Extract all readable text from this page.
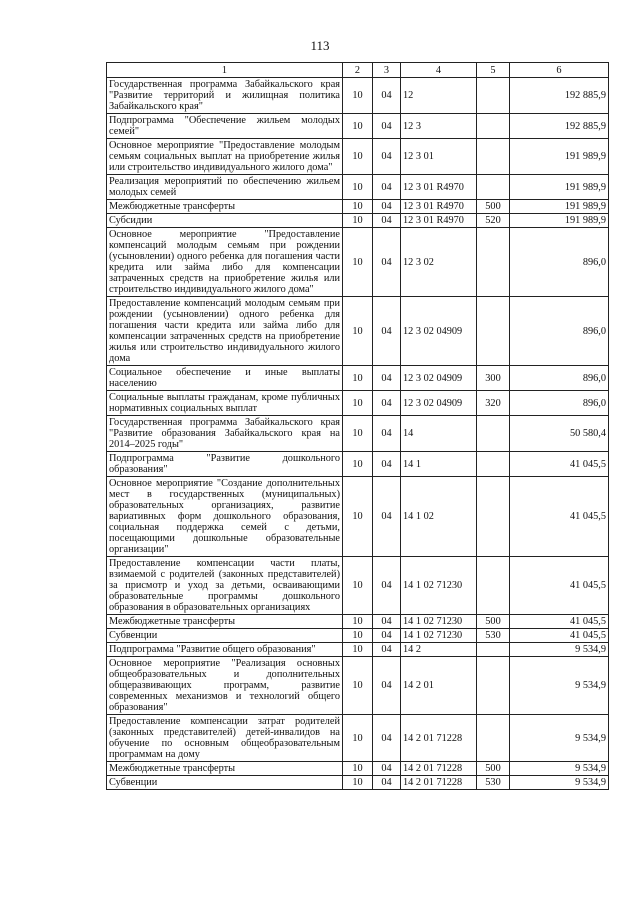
113
1	2	3	4	5	6
Государственная программа Забайкальского края "Развитие территорий и жилищная политика Забайкальского края"	10	04	12		192 885,9
Подпрограмма "Обеспечение жильем молодых семей"	10	04	12 3		192 885,9
Основное мероприятие "Предоставление молодым семьям социальных выплат на приобретение жилья или строительство индивидуального жилого дома"	10	04	12 3 01		191 989,9
Реализация мероприятий по обеспечению жильем молодых семей	10	04	12 3 01 R4970		191 989,9
Межбюджетные трансферты	10	04	12 3 01 R4970	500	191 989,9
Субсидии	10	04	12 3 01 R4970	520	191 989,9
Основное мероприятие "Предоставление компенсаций молодым семьям при рождении (усыновлении) одного ребенка для погашения части кредита или займа либо для компенсации затраченных средств на приобретение жилья или строительство индивидуального жилого дома"	10	04	12 3 02		896,0
Предоставление компенсаций молодым семьям при рождении (усыновлении) одного ребенка для погашения части кредита или займа либо для компенсации затраченных средств на приобретение жилья или строительство индивидуального жилого дома	10	04	12 3 02 04909		896,0
Социальное обеспечение и иные выплаты населению	10	04	12 3 02 04909	300	896,0
Социальные выплаты гражданам, кроме публичных нормативных социальных выплат	10	04	12 3 02 04909	320	896,0
Государственная программа Забайкальского края "Развитие образования Забайкальского края на 2014–2025 годы"	10	04	14		50 580,4
Подпрограмма "Развитие дошкольного образования"	10	04	14 1		41 045,5
Основное мероприятие "Создание дополнительных мест в государственных (муниципальных) образовательных организациях, развитие вариативных форм дошкольного образования, социальная поддержка семей с детьми, посещающими дошкольные образовательные организации"	10	04	14 1 02		41 045,5
Предоставление компенсации части платы, взимаемой с родителей (законных представителей) за присмотр и уход за детьми, осваивающими образовательные программы дошкольного образования в образовательных организациях	10	04	14 1 02 71230		41 045,5
Межбюджетные трансферты	10	04	14 1 02 71230	500	41 045,5
Субвенции	10	04	14 1 02 71230	530	41 045,5
Подпрограмма "Развитие общего образования"	10	04	14 2		9 534,9
Основное мероприятие "Реализация основных общеобразовательных и дополнительных общеразвивающих программ, развитие современных механизмов и технологий общего образования"	10	04	14 2 01		9 534,9
Предоставление компенсации затрат родителей (законных представителей) детей-инвалидов на обучение по основным общеобразовательным программам на дому	10	04	14 2 01 71228		9 534,9
Межбюджетные трансферты	10	04	14 2 01 71228	500	9 534,9
Субвенции	10	04	14 2 01 71228	530	9 534,9
